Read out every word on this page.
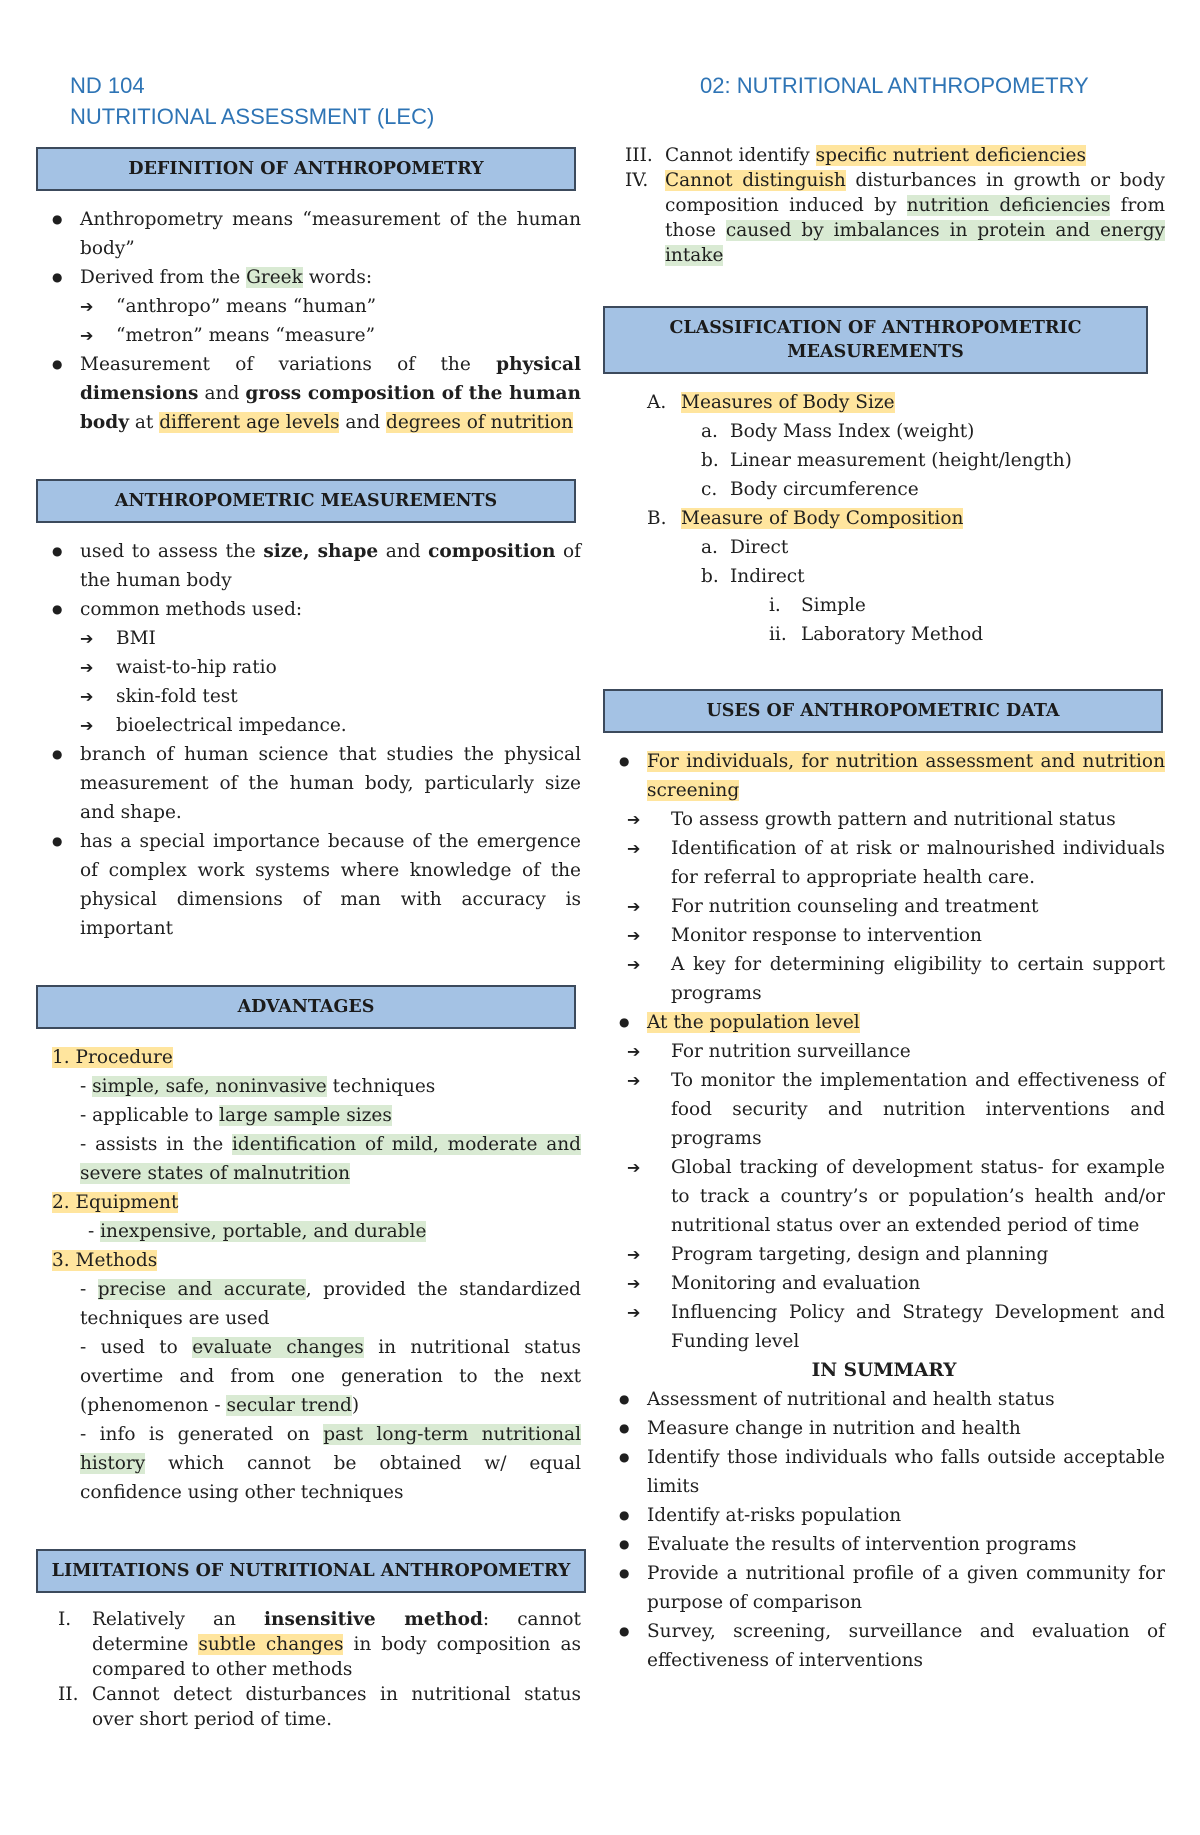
ND 104
NUTRITIONAL ASSESSMENT (LEC)
02: NUTRITIONAL ANTHROPOMETRY
DEFINITION OF ANTHROPOMETRY
● Anthropometry means “measurement of the human body”
● Derived from the Greek words:
➔ “anthropo” means “human”
➔ “metron” means “measure”
● Measurement of variations of the physical dimensions and gross composition of the human body at different age levels and degrees of nutrition
ANTHROPOMETRIC MEASUREMENTS
● used to assess the size, shape and composition of the human body
● common methods used:
➔ BMI
➔ waist-to-hip ratio
➔ skin-fold test
➔ bioelectrical impedance.
● branch of human science that studies the physical measurement of the human body, particularly size and shape.
● has a special importance because of the emergence of complex work systems where knowledge of the physical dimensions of man with accuracy is important
ADVANTAGES
1. Procedure
- simple, safe, noninvasive techniques
- applicable to large sample sizes
- assists in the identification of mild, moderate and severe states of malnutrition
2. Equipment
- inexpensive, portable, and durable
3. Methods
- precise and accurate, provided the standardized techniques are used
- used to evaluate changes in nutritional status overtime and from one generation to the next (phenomenon - secular trend)
- info is generated on past long-term nutritional history which cannot be obtained w/ equal confidence using other techniques
LIMITATIONS OF NUTRITIONAL ANTHROPOMETRY
I. Relatively an insensitive method: cannot determine subtle changes in body composition as compared to other methods
II. Cannot detect disturbances in nutritional status over short period of time.
III. Cannot identify specific nutrient deficiencies
IV. Cannot distinguish disturbances in growth or body composition induced by nutrition deficiencies from those caused by imbalances in protein and energy intake
CLASSIFICATION OF ANTHROPOMETRIC MEASUREMENTS
A. Measures of Body Size
a. Body Mass Index (weight)
b. Linear measurement (height/length)
c. Body circumference
B. Measure of Body Composition
a. Direct
b. Indirect
i. Simple
ii. Laboratory Method
USES OF ANTHROPOMETRIC DATA
● For individuals, for nutrition assessment and nutrition screening
➔ To assess growth pattern and nutritional status
➔ Identification of at risk or malnourished individuals for referral to appropriate health care.
➔ For nutrition counseling and treatment
➔ Monitor response to intervention
➔ A key for determining eligibility to certain support programs
● At the population level
➔ For nutrition surveillance
➔ To monitor the implementation and effectiveness of food security and nutrition interventions and programs
➔ Global tracking of development status- for example to track a country’s or population’s health and/or nutritional status over an extended period of time
➔ Program targeting, design and planning
➔ Monitoring and evaluation
➔ Influencing Policy and Strategy Development and Funding level
IN SUMMARY
● Assessment of nutritional and health status
● Measure change in nutrition and health
● Identify those individuals who falls outside acceptable limits
● Identify at-risks population
● Evaluate the results of intervention programs
● Provide a nutritional profile of a given community for purpose of comparison
● Survey, screening, surveillance and evaluation of effectiveness of interventions
